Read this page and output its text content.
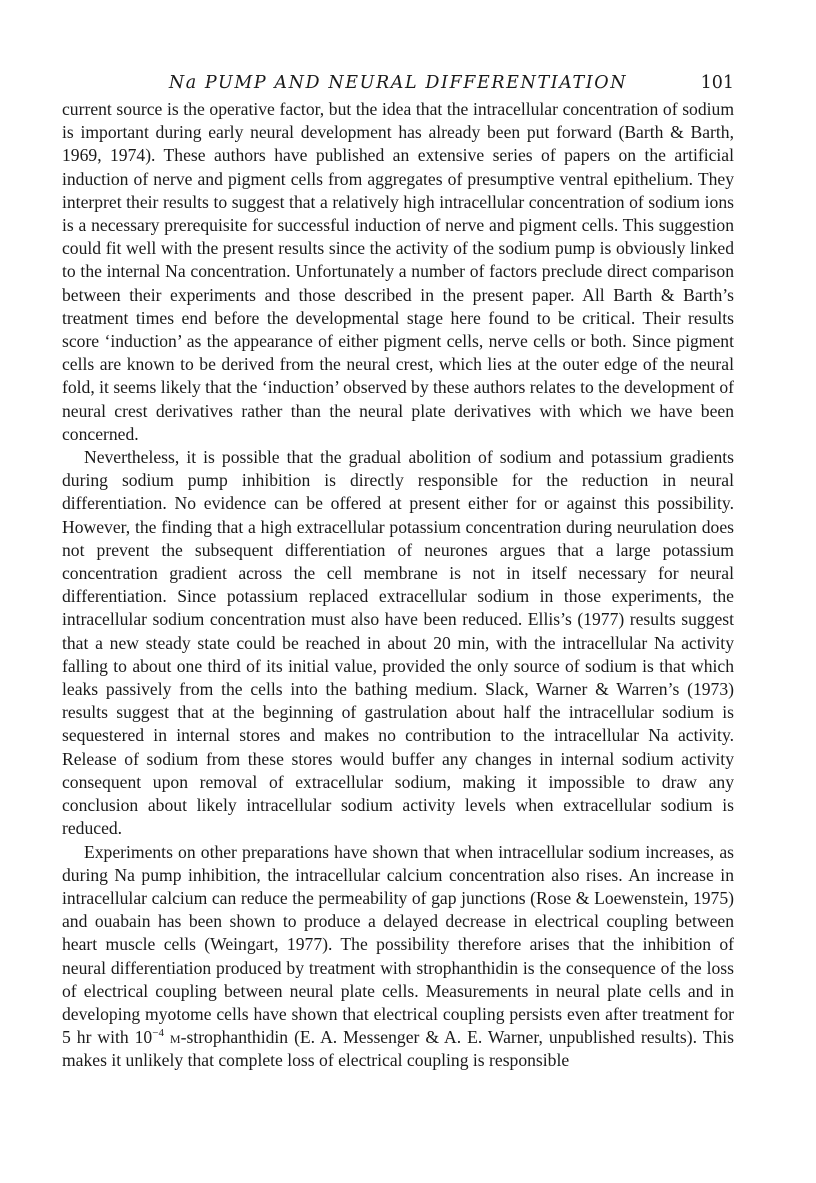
Na PUMP AND NEURAL DIFFERENTIATION	101

current source is the operative factor, but the idea that the intracellular concentration of sodium is important during early neural development has already been put forward (Barth & Barth, 1969, 1974). These authors have published an extensive series of papers on the artificial induction of nerve and pigment cells from aggregates of presumptive ventral epithelium. They interpret their results to suggest that a relatively high intracellular concentration of sodium ions is a necessary prerequisite for successful induction of nerve and pigment cells. This suggestion could fit well with the present results since the activity of the sodium pump is obviously linked to the internal Na concentration. Unfortunately a number of factors preclude direct comparison between their experiments and those described in the present paper. All Barth & Barth’s treatment times end before the developmental stage here found to be critical. Their results score ‘induction’ as the appearance of either pigment cells, nerve cells or both. Since pigment cells are known to be derived from the neural crest, which lies at the outer edge of the neural fold, it seems likely that the ‘induction’ observed by these authors relates to the development of neural crest derivatives rather than the neural plate derivatives with which we have been concerned.

Nevertheless, it is possible that the gradual abolition of sodium and potassium gradients during sodium pump inhibition is directly responsible for the reduction in neural differentiation. No evidence can be offered at present either for or against this possibility. However, the finding that a high extracellular potassium concentration during neurulation does not prevent the subsequent differentiation of neurones argues that a large potassium concentration gradient across the cell membrane is not in itself necessary for neural differentiation. Since potassium replaced extracellular sodium in those experiments, the intracellular sodium concentration must also have been reduced. Ellis’s (1977) results suggest that a new steady state could be reached in about 20 min, with the intracellular Na activity falling to about one third of its initial value, provided the only source of sodium is that which leaks passively from the cells into the bathing medium. Slack, Warner & Warren’s (1973) results suggest that at the beginning of gastrulation about half the intracellular sodium is sequestered in internal stores and makes no contribution to the intracellular Na activity. Release of sodium from these stores would buffer any changes in internal sodium activity consequent upon removal of extracellular sodium, making it impossible to draw any conclusion about likely intracellular sodium activity levels when extracellular sodium is reduced.

Experiments on other preparations have shown that when intracellular sodium increases, as during Na pump inhibition, the intracellular calcium concentration also rises. An increase in intracellular calcium can reduce the permeability of gap junctions (Rose & Loewenstein, 1975) and ouabain has been shown to produce a delayed decrease in electrical coupling between heart muscle cells (Weingart, 1977). The possibility therefore arises that the inhibition of neural differentiation produced by treatment with strophanthidin is the consequence of the loss of electrical coupling between neural plate cells. Measurements in neural plate cells and in developing myotome cells have shown that electrical coupling persists even after treatment for 5 hr with $10^{-4}$ m-strophanthidin (E. A. Messenger & A. E. Warner, unpublished results). This makes it unlikely that complete loss of electrical coupling is responsible
